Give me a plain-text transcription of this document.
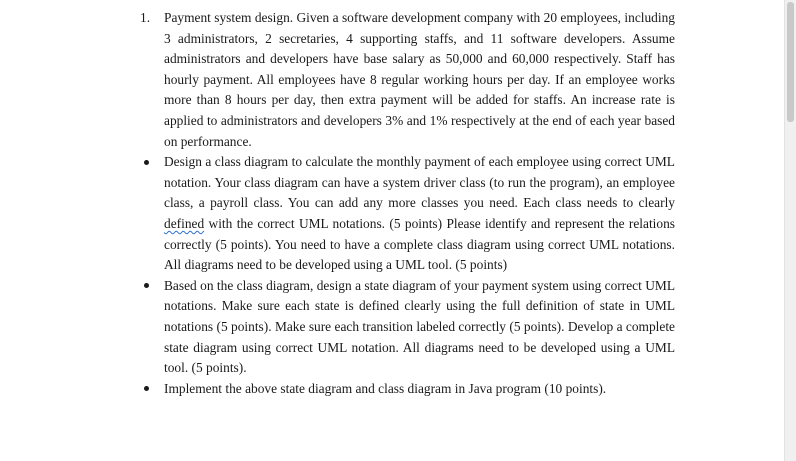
1.	Payment system design. Given a software development company with 20 employees, including 3 administrators, 2 secretaries, 4 supporting staffs, and 11 software developers. Assume administrators and developers have base salary as 50,000 and 60,000 respectively. Staff has hourly payment. All employees have 8 regular working hours per day. If an employee works more than 8 hours per day, then extra payment will be added for staffs. An increase rate is applied to administrators and developers 3% and 1% respectively at the end of each year based on performance.
Design a class diagram to calculate the monthly payment of each employee using correct UML notation. Your class diagram can have a system driver class (to run the program), an employee class, a payroll class. You can add any more classes you need. Each class needs to clearly defined with the correct UML notations. (5 points) Please identify and represent the relations correctly (5 points). You need to have a complete class diagram using correct UML notations. All diagrams need to be developed using a UML tool. (5 points)
Based on the class diagram, design a state diagram of your payment system using correct UML notations. Make sure each state is defined clearly using the full definition of state in UML notations (5 points). Make sure each transition labeled correctly (5 points). Develop a complete state diagram using correct UML notation. All diagrams need to be developed using a UML tool. (5 points).
Implement the above state diagram and class diagram in Java program (10 points).
